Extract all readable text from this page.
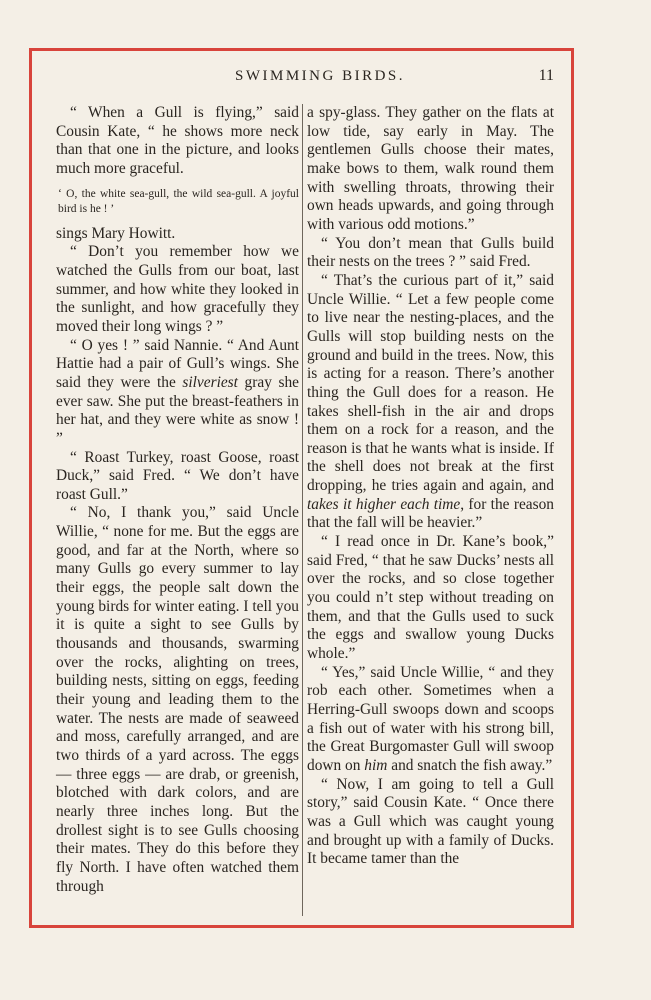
SWIMMING BIRDS.	11

“ When a Gull is flying,” said Cousin Kate, “ he shows more neck than that one in the picture, and looks much more graceful.

‘ O, the white sea-gull, the wild sea-gull. A joyful bird is he ! ’

sings Mary Howitt.

“ Don’t you remember how we watched the Gulls from our boat, last summer, and how white they looked in the sunlight, and how gracefully they moved their long wings ? ”

“ O yes ! ” said Nannie. “ And Aunt Hattie had a pair of Gull’s wings. She said they were the silveriest gray she ever saw. She put the breast-feathers in her hat, and they were white as snow ! ”

“ Roast Turkey, roast Goose, roast Duck,” said Fred. “ We don’t have roast Gull.”

“ No, I thank you,” said Uncle Willie, “ none for me. But the eggs are good, and far at the North, where so many Gulls go every summer to lay their eggs, the people salt down the young birds for winter eating. I tell you it is quite a sight to see Gulls by thousands and thousands, swarming over the rocks, alighting on trees, building nests, sitting on eggs, feeding their young and leading them to the water. The nests are made of seaweed and moss, carefully arranged, and are two thirds of a yard across. The eggs — three eggs — are drab, or greenish, blotched with dark colors, and are nearly three inches long. But the drollest sight is to see Gulls choosing their mates. They do this before they fly North. I have often watched them through

a spy-glass. They gather on the flats at low tide, say early in May. The gentlemen Gulls choose their mates, make bows to them, walk round them with swelling throats, throwing their own heads upwards, and going through with various odd motions.”

“ You don’t mean that Gulls build their nests on the trees ? ” said Fred.

“ That’s the curious part of it,” said Uncle Willie. “ Let a few people come to live near the nesting-places, and the Gulls will stop building nests on the ground and build in the trees. Now, this is acting for a reason. There’s another thing the Gull does for a reason. He takes shell-fish in the air and drops them on a rock for a reason, and the reason is that he wants what is inside. If the shell does not break at the first dropping, he tries again and again, and takes it higher each time, for the reason that the fall will be heavier.”

“ I read once in Dr. Kane’s book,” said Fred, “ that he saw Ducks’ nests all over the rocks, and so close together you could n’t step without treading on them, and that the Gulls used to suck the eggs and swallow young Ducks whole.”

“ Yes,” said Uncle Willie, “ and they rob each other. Sometimes when a Herring-Gull swoops down and scoops a fish out of water with his strong bill, the Great Burgomaster Gull will swoop down on him and snatch the fish away.”

“ Now, I am going to tell a Gull story,” said Cousin Kate. “ Once there was a Gull which was caught young and brought up with a family of Ducks. It became tamer than the
